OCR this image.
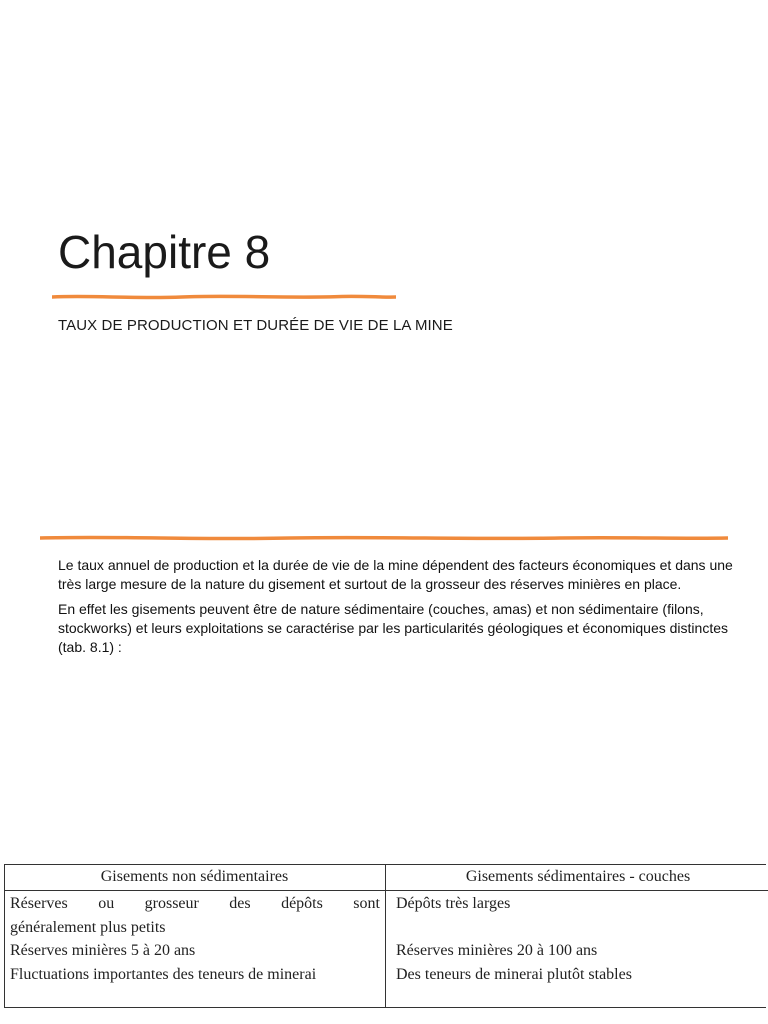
Chapitre 8
TAUX DE PRODUCTION ET DURÉE DE VIE DE LA MINE

Le taux annuel de production et la durée de vie de la mine dépendent des facteurs économiques et dans une très large mesure de la nature du gisement et surtout de la grosseur des réserves minières en place.

En effet les gisements peuvent être de nature sédimentaire (couches, amas) et non sédimentaire (filons, stockworks) et leurs exploitations se caractérise par les particularités géologiques et économiques distinctes (tab. 8.1) :

Gisements non sédimentaires	Gisements sédimentaires - couches
Réserves ou grosseur des dépôts sont
généralement plus petits
Réserves minières 5 à 20 ans
Fluctuations importantes des teneurs de minerai
Dépôts très larges
Réserves minières 20 à 100 ans
Des teneurs de minerai plutôt stables
